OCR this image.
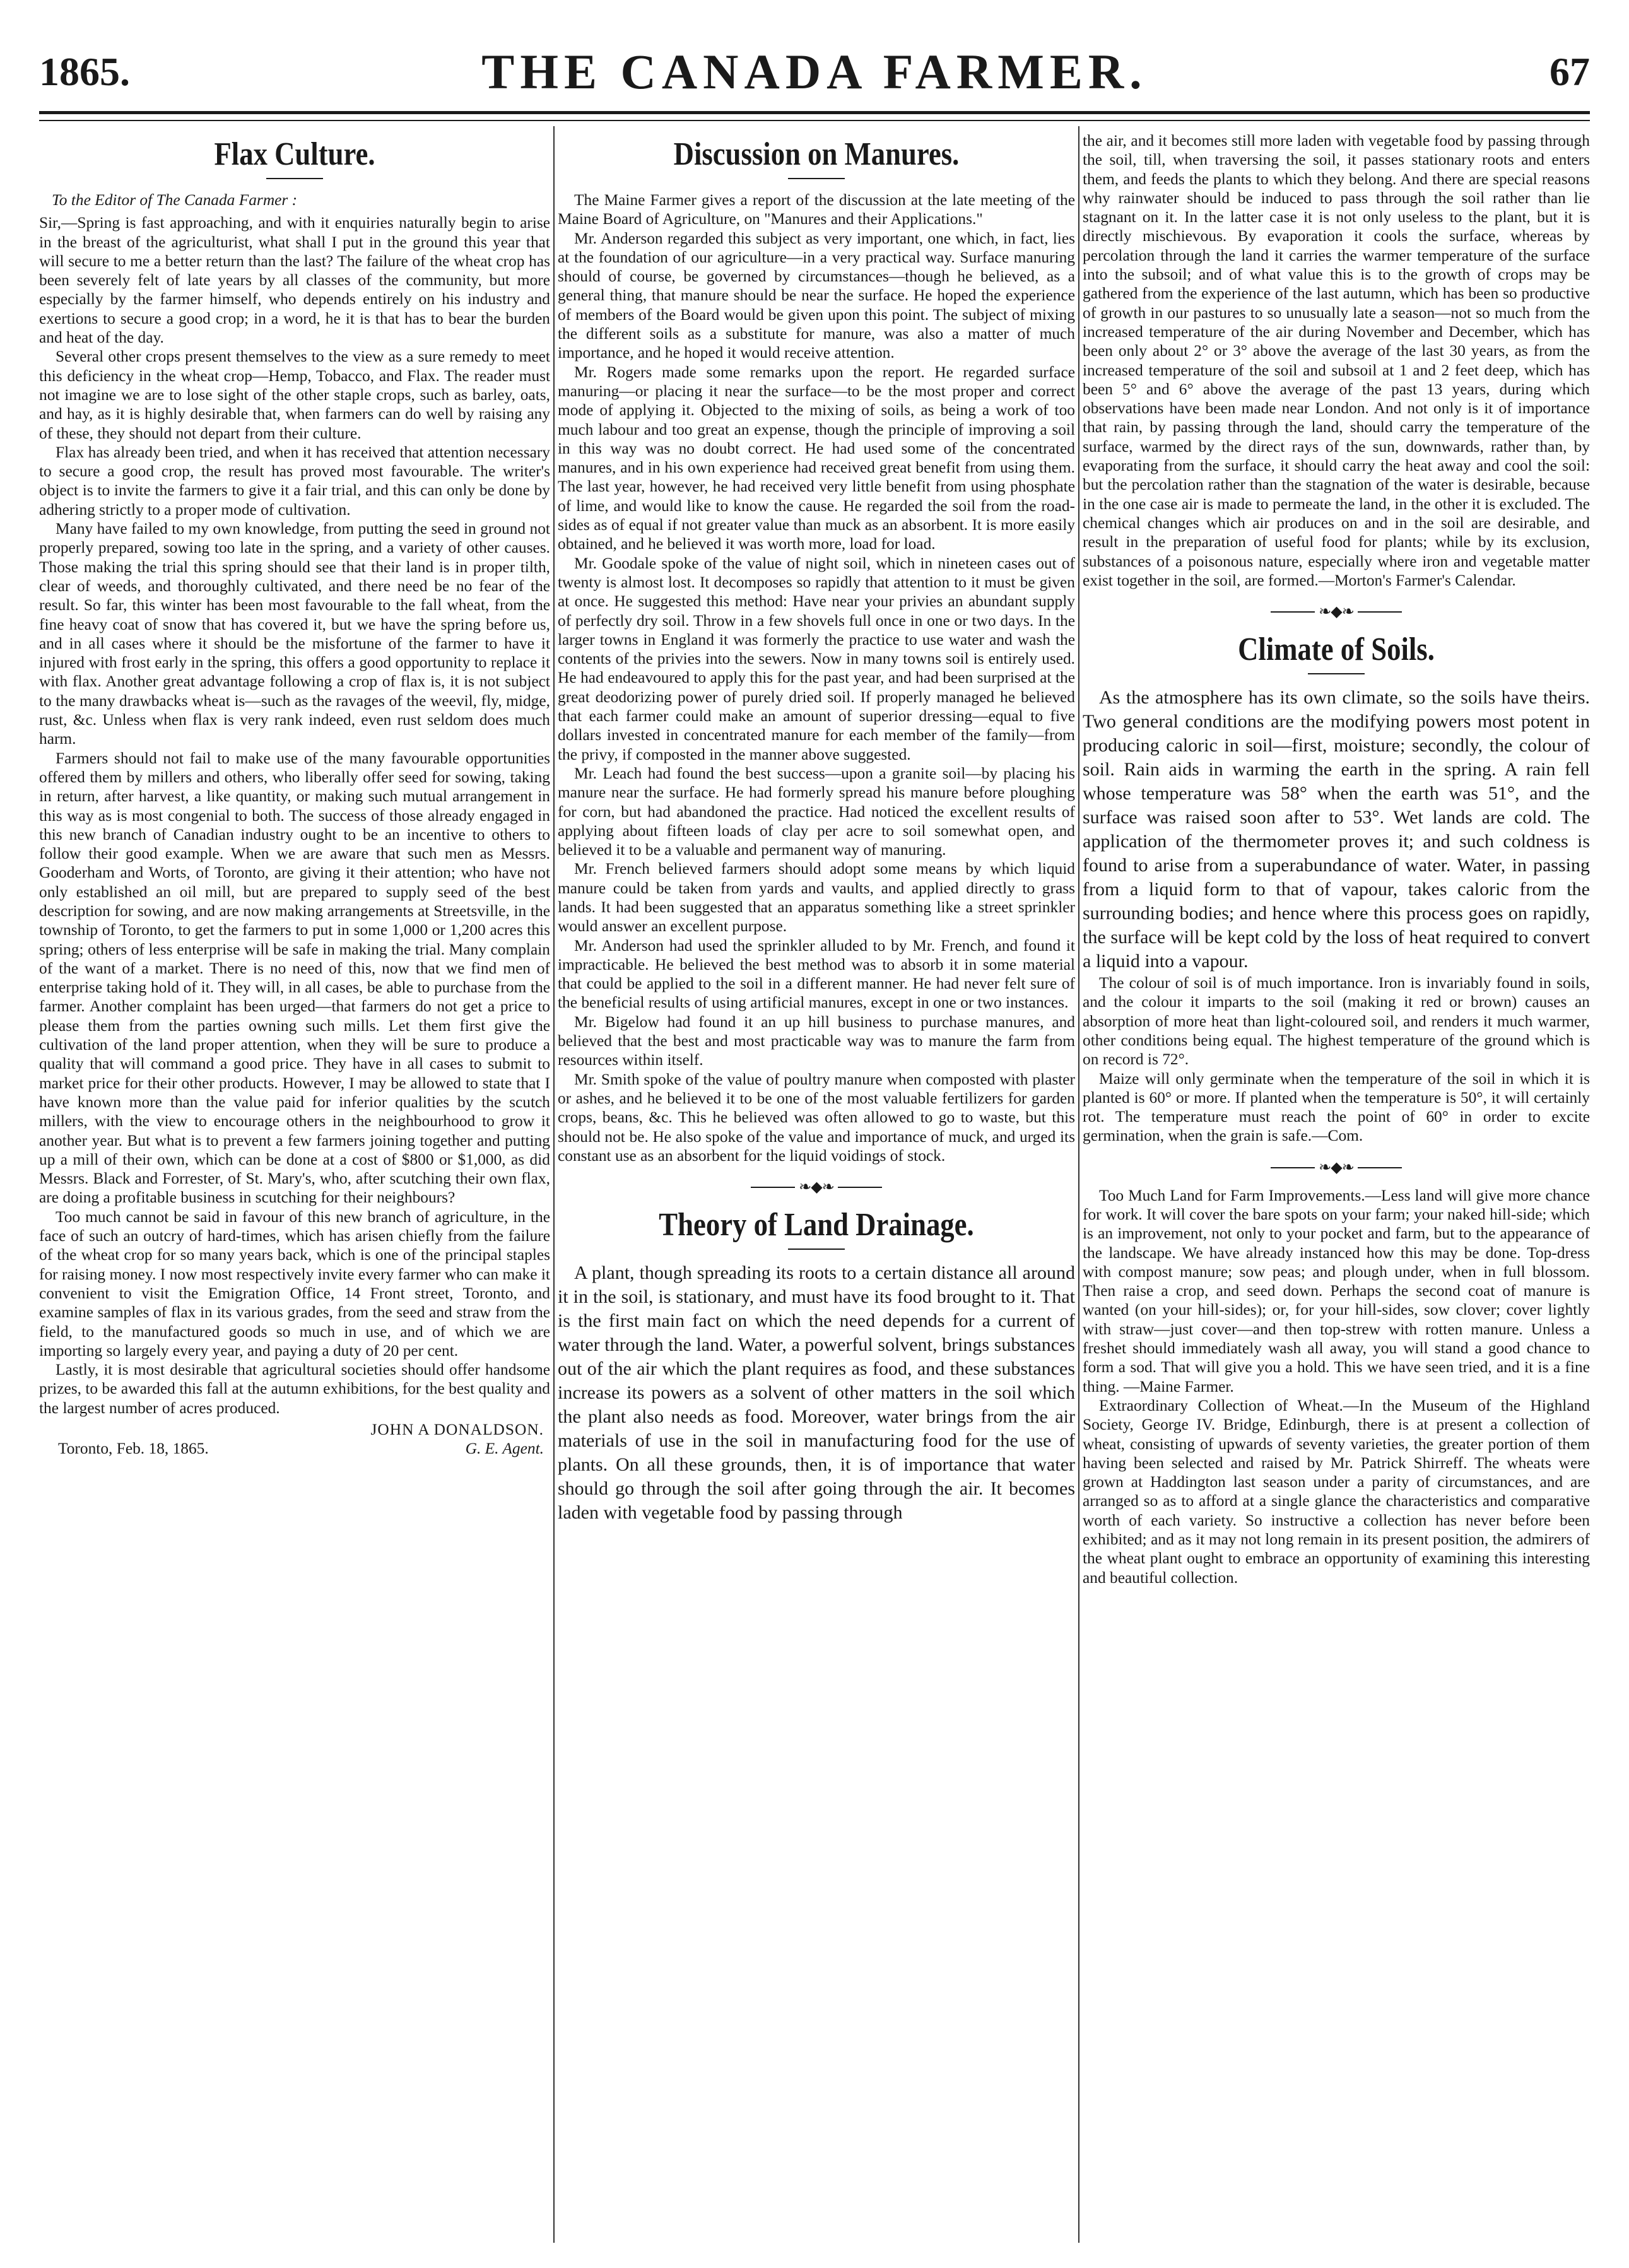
1865.	THE CANADA FARMER.	67
Flax Culture.
To the Editor of The Canada Farmer :

Sir,—Spring is fast approaching, and with it enquiries naturally begin to arise in the breast of the agriculturist, what shall I put in the ground this year that will secure to me a better return than the last? The failure of the wheat crop has been severely felt of late years by all classes of the community, but more especially by the farmer himself, who depends entirely on his industry and exertions to secure a good crop; in a word, he it is that has to bear the burden and heat of the day.

Several other crops present themselves to the view as a sure remedy to meet this deficiency in the wheat crop—Hemp, Tobacco, and Flax. The reader must not imagine we are to lose sight of the other staple crops, such as barley, oats, and hay, as it is highly desirable that, when farmers can do well by raising any of these, they should not depart from their culture.

Flax has already been tried, and when it has received that attention necessary to secure a good crop, the result has proved most favourable. The writer's object is to invite the farmers to give it a fair trial, and this can only be done by adhering strictly to a proper mode of cultivation.

Many have failed to my own knowledge, from putting the seed in ground not properly prepared, sowing too late in the spring, and a variety of other causes. Those making the trial this spring should see that their land is in proper tilth, clear of weeds, and thoroughly cultivated, and there need be no fear of the result. So far, this winter has been most favourable to the fall wheat, from the fine heavy coat of snow that has covered it, but we have the spring before us, and in all cases where it should be the misfortune of the farmer to have it injured with frost early in the spring, this offers a good opportunity to replace it with flax. Another great advantage following a crop of flax is, it is not subject to the many drawbacks wheat is—such as the ravages of the weevil, fly, midge, rust, &c. Unless when flax is very rank indeed, even rust seldom does much harm.

Farmers should not fail to make use of the many favourable opportunities offered them by millers and others, who liberally offer seed for sowing, taking in return, after harvest, a like quantity, or making such mutual arrangement in this way as is most congenial to both. The success of those already engaged in this new branch of Canadian industry ought to be an incentive to others to follow their good example. When we are aware that such men as Messrs. Gooderham and Worts, of Toronto, are giving it their attention; who have not only established an oil mill, but are prepared to supply seed of the best description for sowing, and are now making arrangements at Streetsville, in the township of Toronto, to get the farmers to put in some 1,000 or 1,200 acres this spring; others of less enterprise will be safe in making the trial. Many complain of the want of a market. There is no need of this, now that we find men of enterprise taking hold of it. They will, in all cases, be able to purchase from the farmer. Another complaint has been urged—that farmers do not get a price to please them from the parties owning such mills. Let them first give the cultivation of the land proper attention, when they will be sure to produce a quality that will command a good price. They have in all cases to submit to market price for their other products. However, I may be allowed to state that I have known more than the value paid for inferior qualities by the scutch millers, with the view to encourage others in the neighbourhood to grow it another year. But what is to prevent a few farmers joining together and putting up a mill of their own, which can be done at a cost of $800 or $1,000, as did Messrs. Black and Forrester, of St. Mary's, who, after scutching their own flax, are doing a profitable business in scutching for their neighbours?

Too much cannot be said in favour of this new branch of agriculture, in the face of such an outcry of hard-times, which has arisen chiefly from the failure of the wheat crop for so many years back, which is one of the principal staples for raising money. I now most respectively invite every farmer who can make it convenient to visit the Emigration Office, 14 Front street, Toronto, and examine samples of flax in its various grades, from the seed and straw from the field, to the manufactured goods so much in use, and of which we are importing so largely every year, and paying a duty of 20 per cent.

Lastly, it is most desirable that agricultural societies should offer handsome prizes, to be awarded this fall at the autumn exhibitions, for the best quality and the largest number of acres produced.

JOHN A DONALDSON.
Toronto, Feb. 18, 1865.	G. E. Agent.
Discussion on Manures.

The Maine Farmer gives a report of the discussion at the late meeting of the Maine Board of Agriculture, on "Manures and their Applications."

Mr. Anderson regarded this subject as very important, one which, in fact, lies at the foundation of our agriculture—in a very practical way. Surface manuring should of course, be governed by circumstances—though he believed, as a general thing, that manure should be near the surface. He hoped the experience of members of the Board would be given upon this point. The subject of mixing the different soils as a substitute for manure, was also a matter of much importance, and he hoped it would receive attention.

Mr. Rogers made some remarks upon the report. He regarded surface manuring—or placing it near the surface—to be the most proper and correct mode of applying it. Objected to the mixing of soils, as being a work of too much labour and too great an expense, though the principle of improving a soil in this way was no doubt correct. He had used some of the concentrated manures, and in his own experience had received great benefit from using them. The last year, however, he had received very little benefit from using phosphate of lime, and would like to know the cause. He regarded the soil from the road-sides as of equal if not greater value than muck as an absorbent. It is more easily obtained, and he believed it was worth more, load for load.

Mr. Goodale spoke of the value of night soil, which in nineteen cases out of twenty is almost lost. It decomposes so rapidly that attention to it must be given at once. He suggested this method: Have near your privies an abundant supply of perfectly dry soil. Throw in a few shovels full once in one or two days. In the larger towns in England it was formerly the practice to use water and wash the contents of the privies into the sewers. Now in many towns soil is entirely used. He had endeavoured to apply this for the past year, and had been surprised at the great deodorizing power of purely dried soil. If properly managed he believed that each farmer could make an amount of superior dressing—equal to five dollars invested in concentrated manure for each member of the family—from the privy, if composted in the manner above suggested.

Mr. Leach had found the best success—upon a granite soil—by placing his manure near the surface. He had formerly spread his manure before ploughing for corn, but had abandoned the practice. Had noticed the excellent results of applying about fifteen loads of clay per acre to soil somewhat open, and believed it to be a valuable and permanent way of manuring.

Mr. French believed farmers should adopt some means by which liquid manure could be taken from yards and vaults, and applied directly to grass lands. It had been suggested that an apparatus something like a street sprinkler would answer an excellent purpose.

Mr. Anderson had used the sprinkler alluded to by Mr. French, and found it impracticable. He believed the best method was to absorb it in some material that could be applied to the soil in a different manner. He had never felt sure of the beneficial results of using artificial manures, except in one or two instances.

Mr. Bigelow had found it an up hill business to purchase manures, and believed that the best and most practicable way was to manure the farm from resources within itself.

Mr. Smith spoke of the value of poultry manure when composted with plaster or ashes, and he believed it to be one of the most valuable fertilizers for garden crops, beans, &c. This he believed was often allowed to go to waste, but this should not be. He also spoke of the value and importance of muck, and urged its constant use as an absorbent for the liquid voidings of stock.

❧◆❧
Theory of Land Drainage.

A plant, though spreading its roots to a certain distance all around it in the soil, is stationary, and must have its food brought to it. That is the first main fact on which the need depends for a current of water through the land. Water, a powerful solvent, brings substances out of the air which the plant requires as food, and these substances increase its powers as a solvent of other matters in the soil which the plant also needs as food. Moreover, water brings from the air materials of use in the soil in manufacturing food for the use of plants. On all these grounds, then, it is of importance that water should go through the soil after going through the air. It becomes laden with vegetable food by passing through

the air, and it becomes still more laden with vegetable food by passing through the soil, till, when traversing the soil, it passes stationary roots and enters them, and feeds the plants to which they belong. And there are special reasons why rainwater should be induced to pass through the soil rather than lie stagnant on it. In the latter case it is not only useless to the plant, but it is directly mischievous. By evaporation it cools the surface, whereas by percolation through the land it carries the warmer temperature of the surface into the subsoil; and of what value this is to the growth of crops may be gathered from the experience of the last autumn, which has been so productive of growth in our pastures to so unusually late a season—not so much from the increased temperature of the air during November and December, which has been only about 2° or 3° above the average of the last 30 years, as from the increased temperature of the soil and subsoil at 1 and 2 feet deep, which has been 5° and 6° above the average of the past 13 years, during which observations have been made near London. And not only is it of importance that rain, by passing through the land, should carry the temperature of the surface, warmed by the direct rays of the sun, downwards, rather than, by evaporating from the surface, it should carry the heat away and cool the soil: but the percolation rather than the stagnation of the water is desirable, because in the one case air is made to permeate the land, in the other it is excluded. The chemical changes which air produces on and in the soil are desirable, and result in the preparation of useful food for plants; while by its exclusion, substances of a poisonous nature, especially where iron and vegetable matter exist together in the soil, are formed.—Morton's Farmer's Calendar.

❧◆❧
Climate of Soils.

As the atmosphere has its own climate, so the soils have theirs. Two general conditions are the modifying powers most potent in producing caloric in soil—first, moisture; secondly, the colour of soil. Rain aids in warming the earth in the spring. A rain fell whose temperature was 58° when the earth was 51°, and the surface was raised soon after to 53°. Wet lands are cold. The application of the thermometer proves it; and such coldness is found to arise from a superabundance of water. Water, in passing from a liquid form to that of vapour, takes caloric from the surrounding bodies; and hence where this process goes on rapidly, the surface will be kept cold by the loss of heat required to convert a liquid into a vapour.

The colour of soil is of much importance. Iron is invariably found in soils, and the colour it imparts to the soil (making it red or brown) causes an absorption of more heat than light-coloured soil, and renders it much warmer, other conditions being equal. The highest temperature of the ground which is on record is 72°.

Maize will only germinate when the temperature of the soil in which it is planted is 60° or more. If planted when the temperature is 50°, it will certainly rot. The temperature must reach the point of 60° in order to excite germination, when the grain is safe.—Com.

❧◆❧

Too Much Land for Farm Improvements.—Less land will give more chance for work. It will cover the bare spots on your farm; your naked hill-side; which is an improvement, not only to your pocket and farm, but to the appearance of the landscape. We have already instanced how this may be done. Top-dress with compost manure; sow peas; and plough under, when in full blossom. Then raise a crop, and seed down. Perhaps the second coat of manure is wanted (on your hill-sides); or, for your hill-sides, sow clover; cover lightly with straw—just cover—and then top-strew with rotten manure. Unless a freshet should immediately wash all away, you will stand a good chance to form a sod. That will give you a hold. This we have seen tried, and it is a fine thing. —Maine Farmer.

Extraordinary Collection of Wheat.—In the Museum of the Highland Society, George IV. Bridge, Edinburgh, there is at present a collection of wheat, consisting of upwards of seventy varieties, the greater portion of them having been selected and raised by Mr. Patrick Shirreff. The wheats were grown at Haddington last season under a parity of circumstances, and are arranged so as to afford at a single glance the characteristics and comparative worth of each variety. So instructive a collection has never before been exhibited; and as it may not long remain in its present position, the admirers of the wheat plant ought to embrace an opportunity of examining this interesting and beautiful collection.
